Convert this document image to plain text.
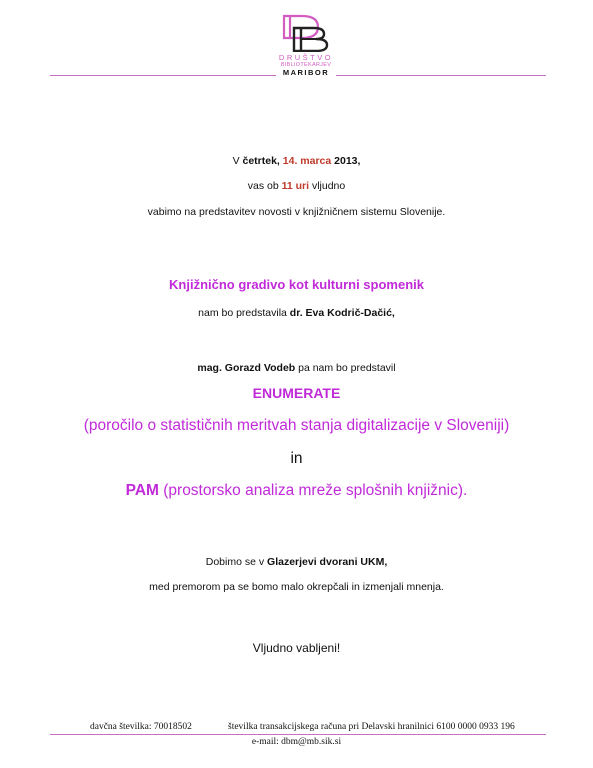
DRUŠTVO
BIBLIOTEKARJEV
MARIBOR
V četrtek, 14. marca 2013,
vas ob 11 uri vljudno
vabimo na predstavitev novosti v knjižničnem sistemu Slovenije.
Knjižnično gradivo kot kulturni spomenik
nam bo predstavila dr. Eva Kodrič-Dačić,
mag. Gorazd Vodeb pa nam bo predstavil
ENUMERATE
(poročilo o statističnih meritvah stanja digitalizacije v Sloveniji)
in
PAM (prostorsko analiza mreže splošnih knjižnic).
Dobimo se v Glazerjevi dvorani UKM,
med premorom pa se bomo malo okrepčali in izmenjali mnenja.
Vljudno vabljeni!
davčna številka: 70018502	številka transakcijskega računa pri Delavski hranilnici 6100 0000 0933 196
e-mail: dbm@mb.sik.si
